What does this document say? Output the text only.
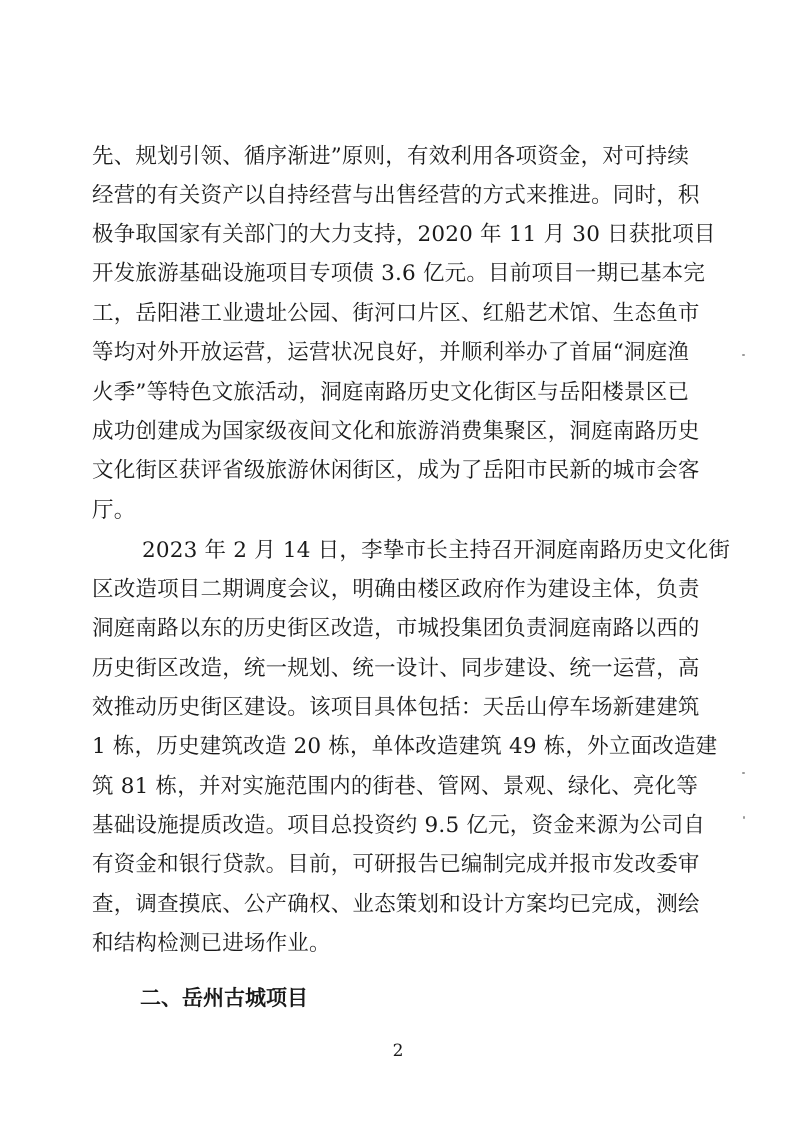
先、规划引领、循序渐进”原则，有效利用各项资金，对可持续
经营的有关资产以自持经营与出售经营的方式来推进。同时，积
极争取国家有关部门的大力支持，2020 年 11 月 30 日获批项目
开发旅游基础设施项目专项债 3.6 亿元。目前项目一期已基本完
工，岳阳港工业遗址公园、街河口片区、红船艺术馆、生态鱼市
等均对外开放运营，运营状况良好，并顺利举办了首届“洞庭渔
火季”等特色文旅活动，洞庭南路历史文化街区与岳阳楼景区已
成功创建成为国家级夜间文化和旅游消费集聚区，洞庭南路历史
文化街区获评省级旅游休闲街区，成为了岳阳市民新的城市会客
厅。
2023 年 2 月 14 日，李挚市长主持召开洞庭南路历史文化街
区改造项目二期调度会议，明确由楼区政府作为建设主体，负责
洞庭南路以东的历史街区改造，市城投集团负责洞庭南路以西的
历史街区改造，统一规划、统一设计、同步建设、统一运营，高
效推动历史街区建设。该项目具体包括：天岳山停车场新建建筑
1 栋，历史建筑改造 20 栋，单体改造建筑 49 栋，外立面改造建
筑 81 栋，并对实施范围内的街巷、管网、景观、绿化、亮化等
基础设施提质改造。项目总投资约 9.5 亿元，资金来源为公司自
有资金和银行贷款。目前，可研报告已编制完成并报市发改委审
查，调查摸底、公产确权、业态策划和设计方案均已完成，测绘
和结构检测已进场作业。
二、岳州古城项目
2
